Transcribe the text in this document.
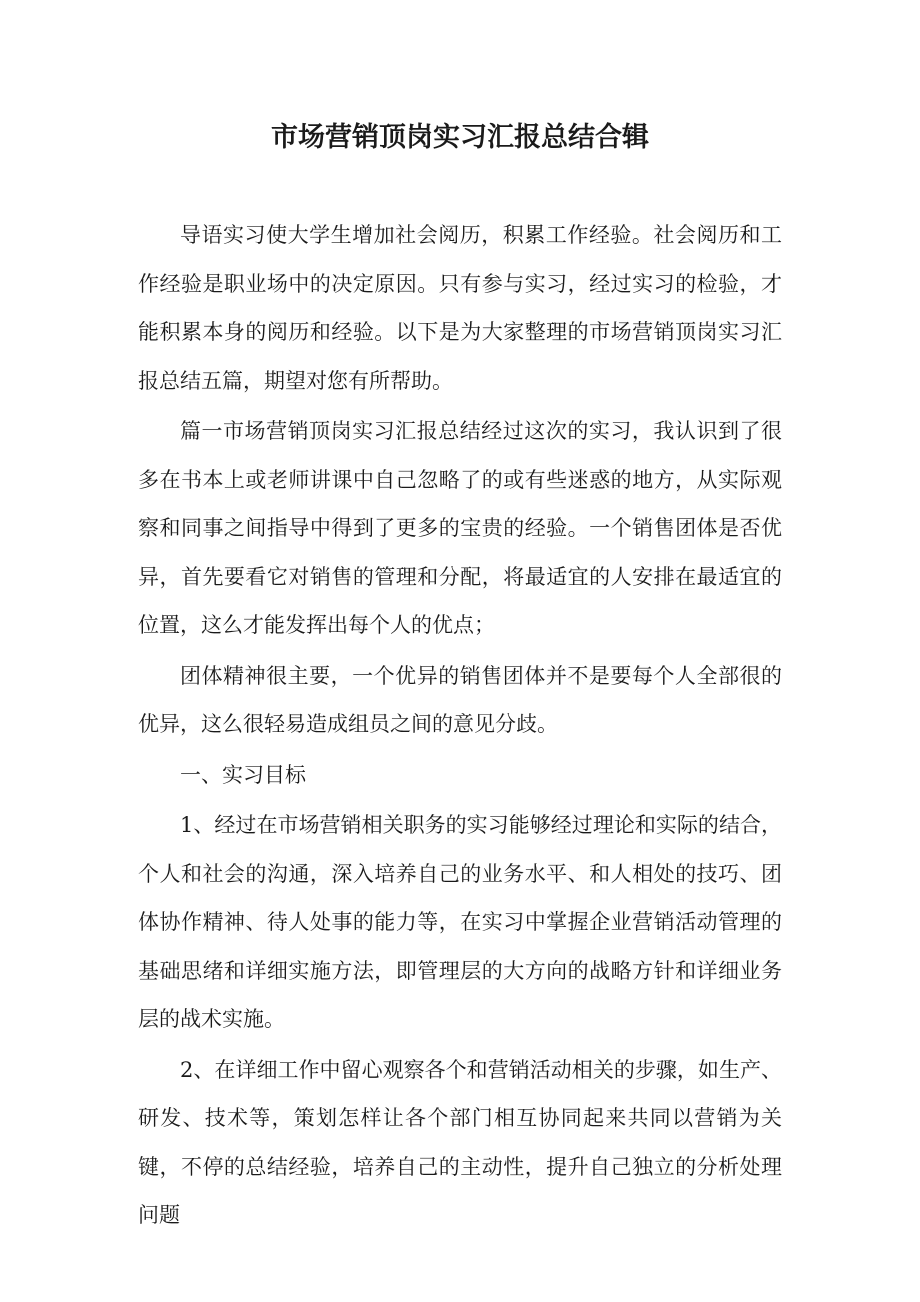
市场营销顶岗实习汇报总结合辑

导语实习使大学生增加社会阅历，积累工作经验。社会阅历和工作经验是职业场中的决定原因。只有参与实习，经过实习的检验，才能积累本身的阅历和经验。以下是为大家整理的市场营销顶岗实习汇报总结五篇，期望对您有所帮助。

篇一市场营销顶岗实习汇报总结经过这次的实习，我认识到了很多在书本上或老师讲课中自己忽略了的或有些迷惑的地方，从实际观察和同事之间指导中得到了更多的宝贵的经验。一个销售团体是否优异，首先要看它对销售的管理和分配，将最适宜的人安排在最适宜的位置，这么才能发挥出每个人的优点；

团体精神很主要，一个优异的销售团体并不是要每个人全部很的优异，这么很轻易造成组员之间的意见分歧。

一、实习目标

1、经过在市场营销相关职务的实习能够经过理论和实际的结合，个人和社会的沟通，深入培养自己的业务水平、和人相处的技巧、团体协作精神、待人处事的能力等，在实习中掌握企业营销活动管理的基础思绪和详细实施方法，即管理层的大方向的战略方针和详细业务层的战术实施。

2、在详细工作中留心观察各个和营销活动相关的步骤，如生产、研发、技术等，策划怎样让各个部门相互协同起来共同以营销为关键，不停的总结经验，培养自己的主动性，提升自己独立的分析处理问题
